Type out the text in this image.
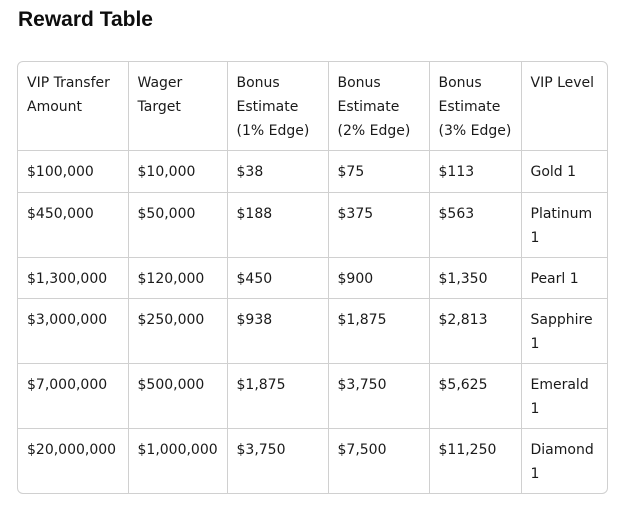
Reward Table
VIP Transfer Amount	Wager Target	Bonus Estimate (1% Edge)	Bonus Estimate (2% Edge)	Bonus Estimate (3% Edge)	VIP Level
$100,000	$10,000	$38	$75	$113	Gold 1
$450,000	$50,000	$188	$375	$563	Platinum 1
$1,300,000	$120,000	$450	$900	$1,350	Pearl 1
$3,000,000	$250,000	$938	$1,875	$2,813	Sapphire 1
$7,000,000	$500,000	$1,875	$3,750	$5,625	Emerald 1
$20,000,000	$1,000,000	$3,750	$7,500	$11,250	Diamond 1
